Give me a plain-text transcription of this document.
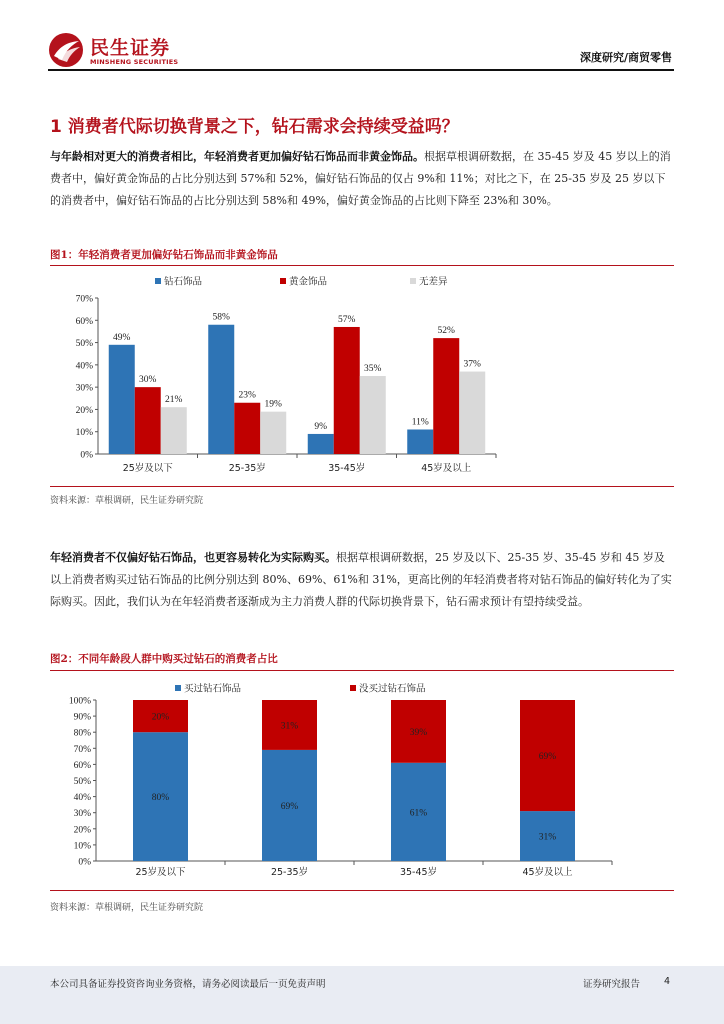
民生证券
MINSHENG SECURITIES	深度研究/商贸零售
1 消费者代际切换背景之下，钻石需求会持续受益吗？
与年龄相对更大的消费者相比，年轻消费者更加偏好钻石饰品而非黄金饰品。根据草根调研数据，在 35-45 岁及 45 岁以上的消费者中，偏好黄金饰品的占比分别达到 57%和 52%，偏好钻石饰品的仅占 9%和 11%；对比之下，在 25-35 岁及 25 岁以下的消费者中，偏好钻石饰品的占比分别达到 58%和 49%，偏好黄金饰品的占比则下降至 23%和 30%。
图1：年轻消费者更加偏好钻石饰品而非黄金饰品
钻石饰品	黄金饰品	无差异
0%
10%
20%
30%
40%
50%
60%
70%
25岁及以下
49%
30%
21%
25-35岁
58%
23%
19%
35-45岁
9%
57%
35%
45岁及以上
11%
52%
37%
资料来源：草根调研，民生证券研究院
年轻消费者不仅偏好钻石饰品，也更容易转化为实际购买。根据草根调研数据，25 岁及以下、25-35 岁、35-45 岁和 45 岁及以上消费者购买过钻石饰品的比例分别达到 80%、69%、61%和 31%，更高比例的年轻消费者将对钻石饰品的偏好转化为了实际购买。因此，我们认为在年轻消费者逐渐成为主力消费人群的代际切换背景下，钻石需求预计有望持续受益。
图2：不同年龄段人群中购买过钻石的消费者占比
买过钻石饰品	没买过钻石饰品
0%
10%
20%
30%
40%
50%
60%
70%
80%
90%
100%
25岁及以下
80%
20%
25-35岁
69%
31%
35-45岁
61%
39%
45岁及以上
31%
69%
资料来源：草根调研，民生证券研究院
本公司具备证券投资咨询业务资格，请务必阅读最后一页免责声明	证券研究报告	4
